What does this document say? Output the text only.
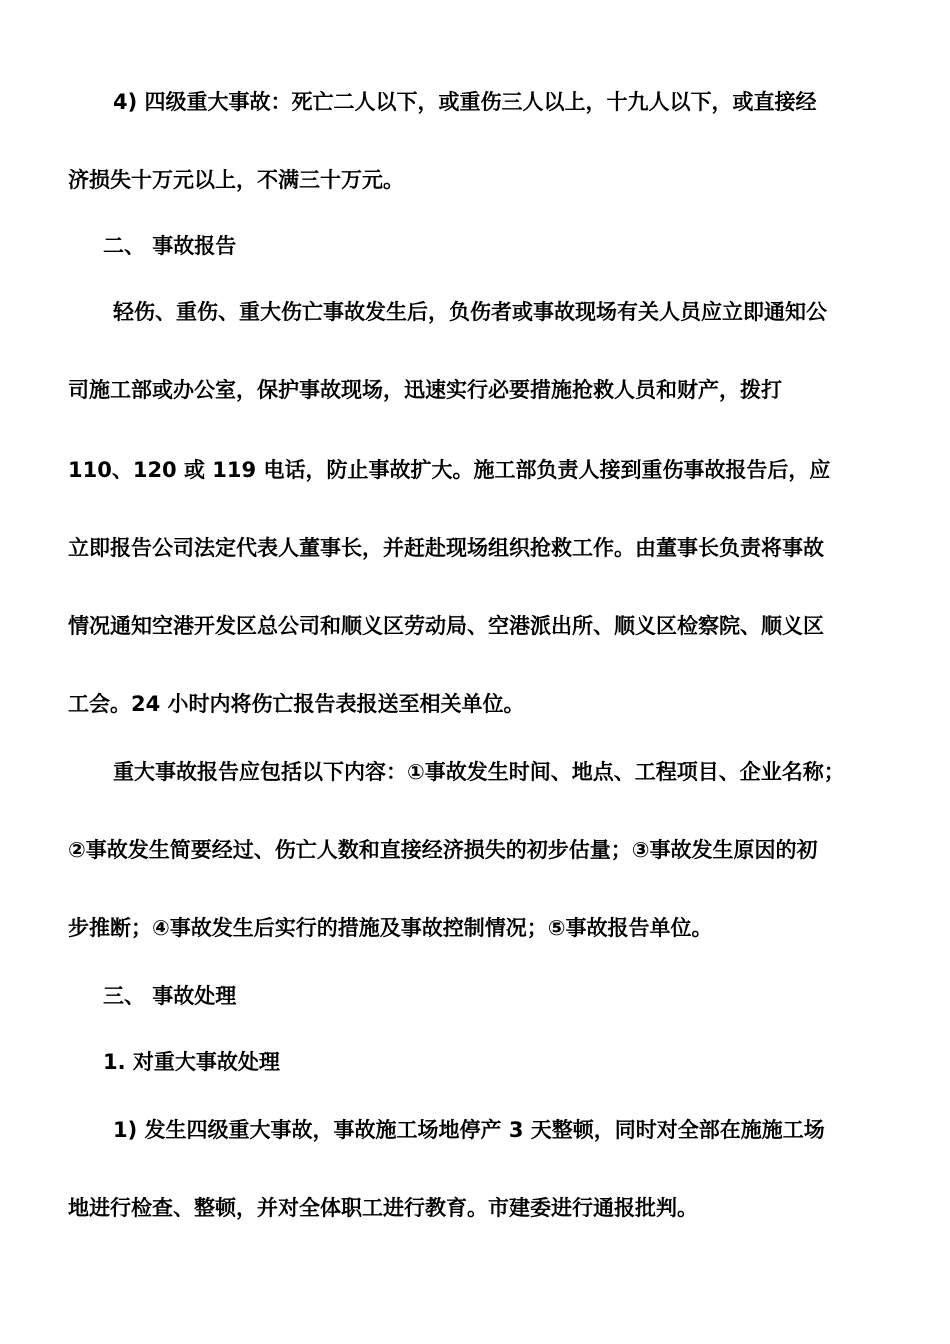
4) 四级重大事故：死亡二人以下，或重伤三人以上，十九人以下，或直接经
济损失十万元以上，不满三十万元。
二、 事故报告
轻伤、重伤、重大伤亡事故发生后，负伤者或事故现场有关人员应立即通知公
司施工部或办公室，保护事故现场，迅速实行必要措施抢救人员和财产，拨打
110、120 或 119 电话，防止事故扩大。施工部负责人接到重伤事故报告后，应
立即报告公司法定代表人董事长，并赶赴现场组织抢救工作。由董事长负责将事故
情况通知空港开发区总公司和顺义区劳动局、空港派出所、顺义区检察院、顺义区
工会。24 小时内将伤亡报告表报送至相关单位。
重大事故报告应包括以下内容：①事故发生时间、地点、工程项目、企业名称；
②事故发生简要经过、伤亡人数和直接经济损失的初步估量；③事故发生原因的初
步推断；④事故发生后实行的措施及事故控制情况；⑤事故报告单位。
三、 事故处理
1. 对重大事故处理
1) 发生四级重大事故，事故施工场地停产 3 天整顿，同时对全部在施施工场
地进行检查、整顿，并对全体职工进行教育。市建委进行通报批判。
